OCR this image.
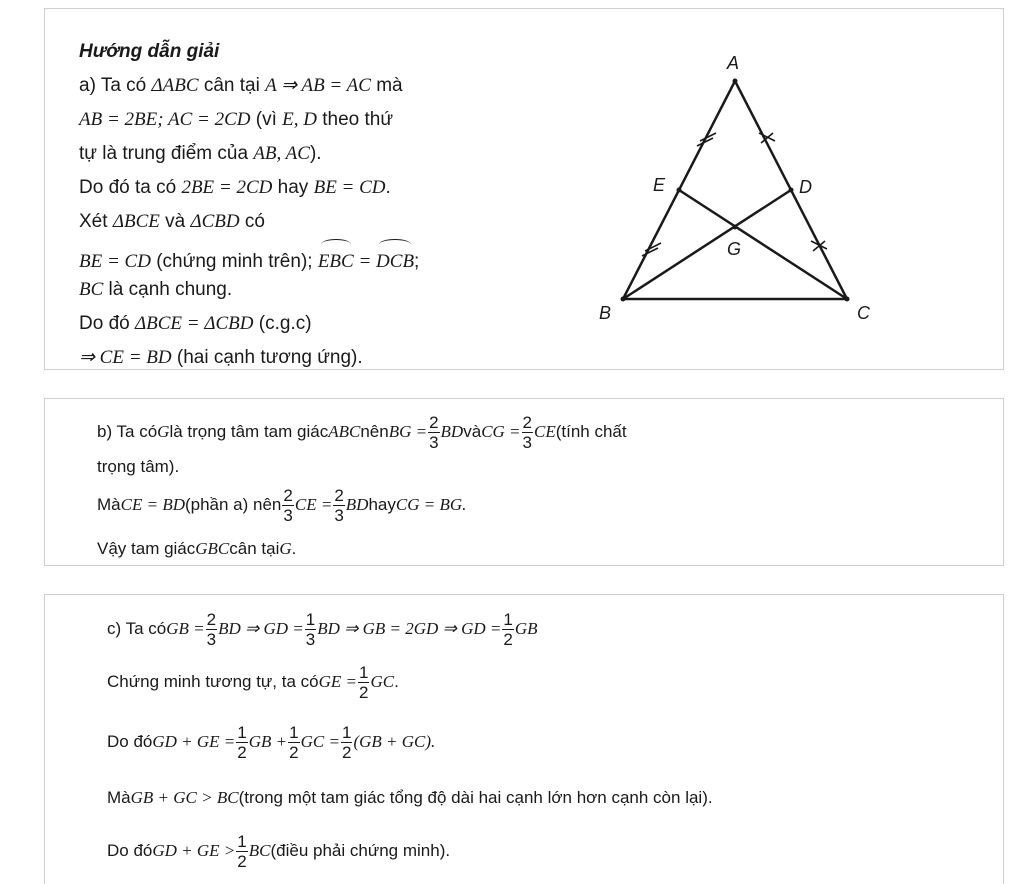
Hướng dẫn giải
a) Ta có ΔABC cân tại A ⇒ AB = AC mà
AB = 2BE; AC = 2CD (vì E, D theo thứ
tự là trung điểm của AB, AC).
Do đó ta có 2BE = 2CD hay BE = CD.
Xét ΔBCE và ΔCBD có
BE = CD (chứng minh trên); EBC = DCB;
BC là cạnh chung.
Do đó ΔBCE = ΔCBD (c.g.c)
⇒ CE = BD (hai cạnh tương ứng).
A
B	C
D
E
G
b) Ta có G là trọng tâm tam giác ABC nên BG = $\frac{2}{3}$ BD và CG = $\frac{2}{3}$ CE (tính chất
trọng tâm).
Mà CE = BD (phần a) nên $\frac{2}{3}$ CE = $\frac{2}{3}$ BD hay CG = BG.
Vậy tam giác GBC cân tại G .
c) Ta có GB = $\frac{2}{3}$ BD ⇒ GD = $\frac{1}{3}$ BD ⇒ GB = 2GD ⇒ GD = $\frac{1}{2}$ GB
Chứng minh tương tự, ta có GE = $\frac{1}{2}$ GC .
Do đó GD + GE = $\frac{1}{2}$ GB + $\frac{1}{2}$ GC = $\frac{1}{2} (GB + GC)$.
Mà GB + GC > BC (trong một tam giác tổng độ dài hai cạnh lớn hơn cạnh còn lại).
Do đó GD + GE > $\frac{1}{2}$ BC (điều phải chứng minh).
